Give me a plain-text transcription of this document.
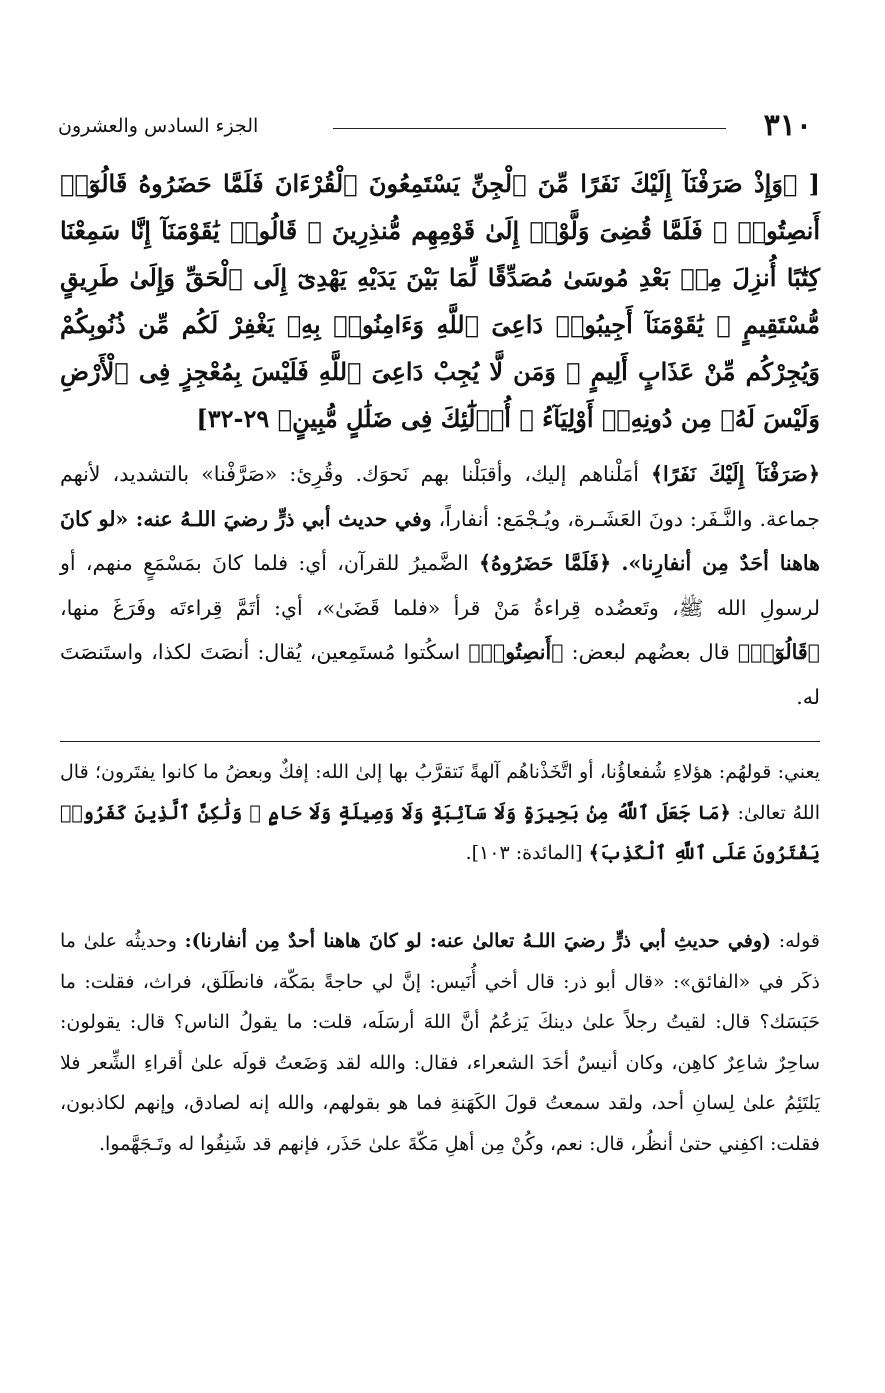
٣١٠
الجزء السادس والعشرون

[ ﴿وَإِذْ صَرَفْنَآ إِلَيْكَ نَفَرًا مِّنَ ٱلْجِنِّ يَسْتَمِعُونَ ٱلْقُرْءَانَ فَلَمَّا حَضَرُوهُ قَالُوٓا۟ أَنصِتُوا۟ ۖ فَلَمَّا قُضِىَ وَلَّوْا۟ إِلَىٰ قَوْمِهِم مُّنذِرِينَ ۞ قَالُوا۟ يَٰقَوْمَنَآ إِنَّا سَمِعْنَا كِتَٰبًا أُنزِلَ مِنۢ بَعْدِ مُوسَىٰ مُصَدِّقًا لِّمَا بَيْنَ يَدَيْهِ يَهْدِىٓ إِلَى ٱلْحَقِّ وَإِلَىٰ طَرِيقٍ مُّسْتَقِيمٍ ۞ يَٰقَوْمَنَآ أَجِيبُوا۟ دَاعِىَ ٱللَّهِ وَءَامِنُوا۟ بِهِۦ يَغْفِرْ لَكُم مِّن ذُنُوبِكُمْ وَيُجِرْكُم مِّنْ عَذَابٍ أَلِيمٍ ۞ وَمَن لَّا يُجِبْ دَاعِىَ ٱللَّهِ فَلَيْسَ بِمُعْجِزٍ فِى ٱلْأَرْضِ وَلَيْسَ لَهُۥ مِن دُونِهِۦٓ أَوْلِيَآءُ ۚ أُو۟لَٰٓئِكَ فِى ضَلَٰلٍ مُّبِينٍ﴾ ٢٩-٣٢]

﴿صَرَفْنَآ إِلَيْكَ نَفَرًا﴾ أمَلْناهم إليك، وأقبَلْنا بهم نَحوَك. وقُرِئ: «صَرَّفْنا» بالتشديد، لأنهم جماعة. والنَّـفَر: دونَ العَشَـرة، ويُـجْمَع: أنفاراً، وفي حديث أبي ذرٍّ رضيَ اللـهُ عنه: «لو كانَ هاهنا أحَدٌ مِن أنفارِنا». ﴿فَلَمَّا حَضَرُوهُ﴾ الضَّميرُ للقرآن، أي: فلما كانَ بمَسْمَعٍ منهم، أو لرسولِ الله ﷺ، وتَعضُده قِراءةُ مَنْ قرأ «فلما قَضَىٰ»، أي: أتَمَّ قِراءتَه وفَرَغَ منها، ﴿قَالُوٓا۟﴾ قال بعضُهم لبعض: ﴿أَنصِتُوا۟﴾ اسكُتوا مُستَمِعين، يُقال: أنصَتَ لكذا، واستَنصَتَ له.

يعني: قولهُم: هؤلاءِ شُفعاؤُنا، أو اتَّخَذْناهُم آلهةً نَتقرَّبُ بها إلىٰ الله: إفكٌ وبعضُ ما كانوا يفتَرون؛ قال اللهُ تعالىٰ: ﴿مَا جَعَلَ ٱللَّهُ مِنۢ بَحِيرَةٍ وَلَا سَآئِبَةٍ وَلَا وَصِيلَةٍ وَلَا حَامٍ ۙ وَلَٰكِنَّ ٱلَّذِينَ كَفَرُوا۟ يَفْتَرُونَ عَلَى ٱللَّهِ ٱلْكَذِبَ﴾ [المائدة: ١٠٣].

قوله: (وفي حديثِ أبي ذرٍّ رضيَ اللـهُ تعالىٰ عنه: لو كانَ هاهنا أحدٌ مِن أنفارنا): وحديثُه علىٰ ما ذكَر في «الفائق»: «قال أبو ذر: قال أخي أُنَيس: إنَّ لي حاجةً بمَكّة، فانطَلَق، فراث، فقلت: ما حَبَسَك؟ قال: لقيتُ رجلاً علىٰ دينكَ يَزعُمُ أنَّ اللهَ أرسَلَه، قلت: ما يقولُ الناس؟ قال: يقولون: ساحِرٌ شاعِرٌ كاهِن، وكان أنيسٌ أحَدَ الشعراء، فقال: والله لقد وَضَعتُ قولَه علىٰ أقراءِ الشِّعر فلا يَلتَئِمُ علىٰ لِسانِ أحد، ولقد سمعتُ قولَ الكَهَنةِ فما هو بقولهم، والله إنه لصادق، وإنهم لكاذبون، فقلت: اكفِني حتىٰ أنظُر، قال: نعم، وكُنْ مِن أهلِ مَكّةَ علىٰ حَذَر، فإنهم قد شَنِفُوا له وتَـجَهَّموا.
